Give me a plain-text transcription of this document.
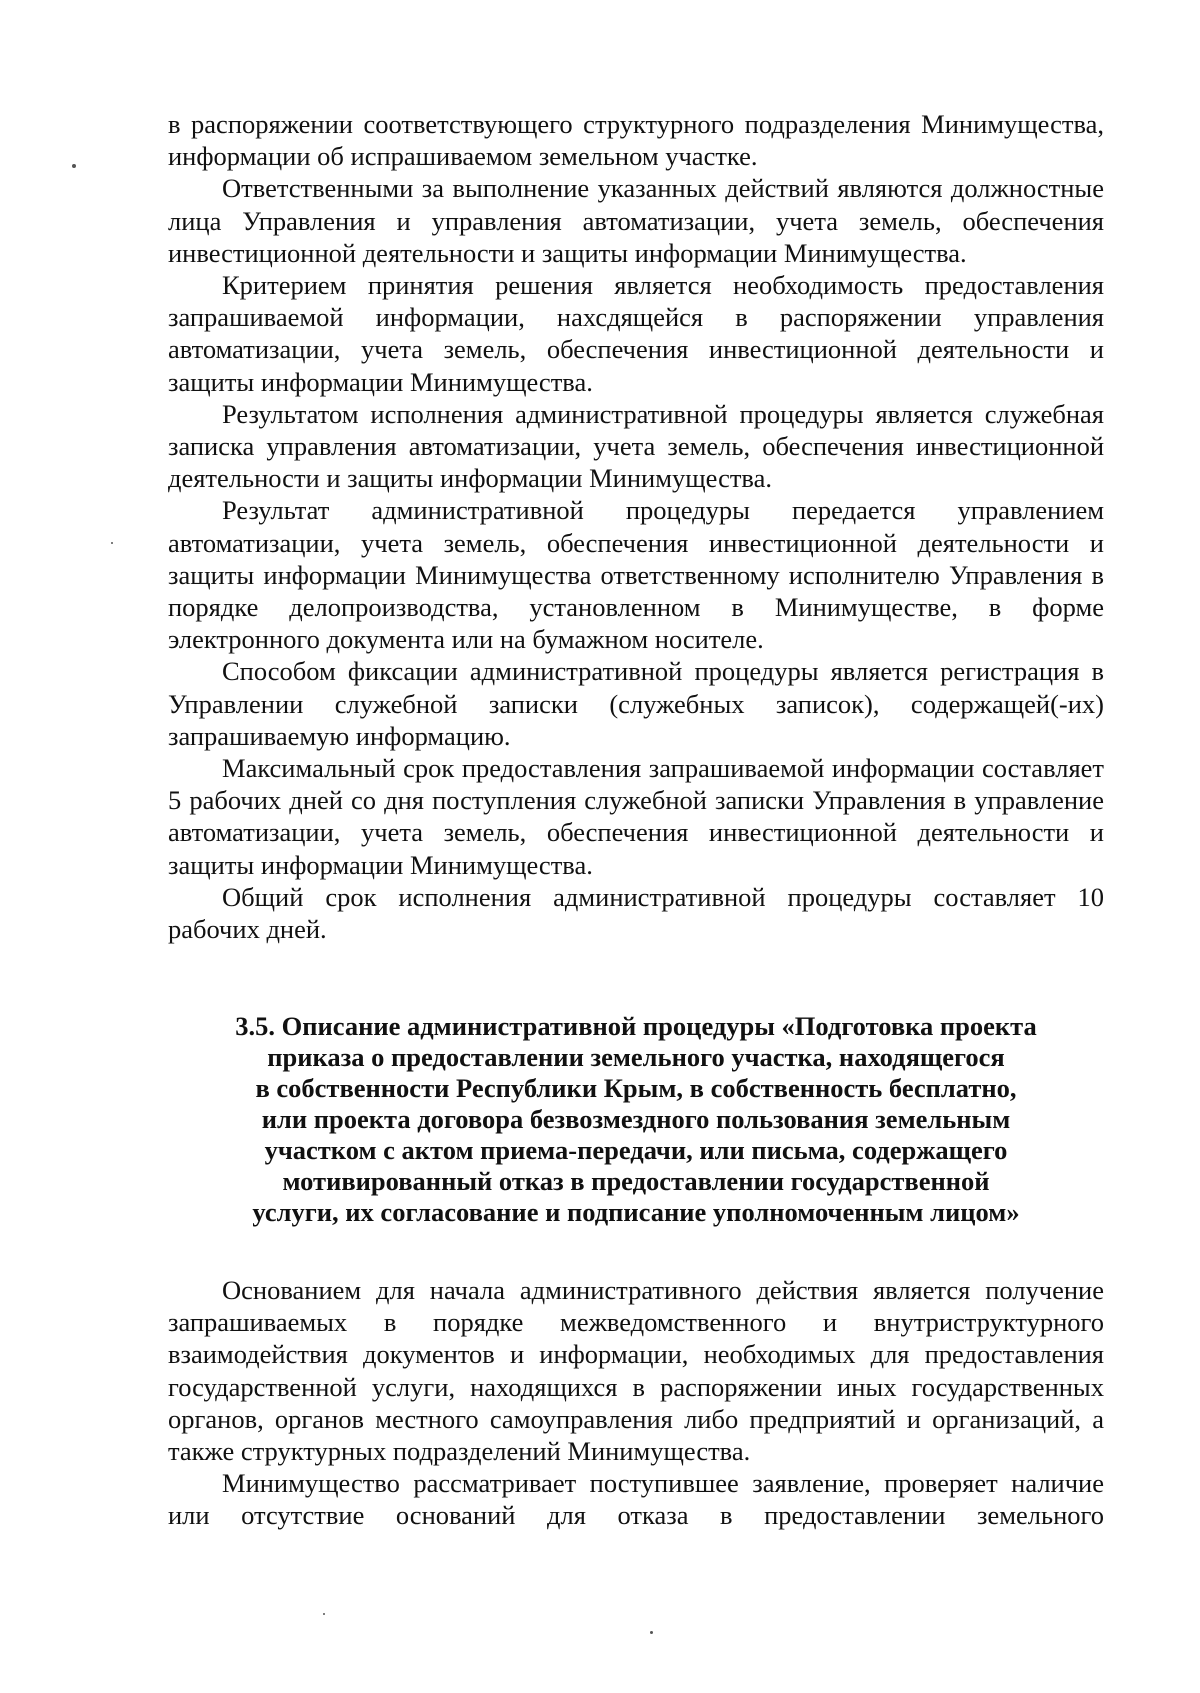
в распоряжении соответствующего структурного подразделения Минимущества, информации об испрашиваемом земельном участке.

Ответственными за выполнение указанных действий являются должностные лица Управления и управления автоматизации, учета земель, обеспечения инвестиционной деятельности и защиты информации Минимущества.

Критерием принятия решения является необходимость предоставления запрашиваемой информации, нахсдящейся в распоряжении управления автоматизации, учета земель, обеспечения инвестиционной деятельности и защиты информации Минимущества.

Результатом исполнения административной процедуры является служебная записка управления автоматизации, учета земель, обеспечения инвестиционной деятельности и защиты информации Минимущества.

Результат административной процедуры передается управлением автоматизации, учета земель, обеспечения инвестиционной деятельности и защиты информации Минимущества ответственному исполнителю Управления в порядке делопроизводства, установленном в Минимуществе, в форме электронного документа или на бумажном носителе.

Способом фиксации административной процедуры является регистрация в Управлении служебной записки (служебных записок), содержащей(-их) запрашиваемую информацию.

Максимальный срок предоставления запрашиваемой информации составляет 5 рабочих дней со дня поступления служебной записки Управления в управление автоматизации, учета земель, обеспечения инвестиционной деятельности и защиты информации Минимущества.

Общий срок исполнения административной процедуры составляет 10 рабочих дней.

3.5. Описание административной процедуры «Подготовка проекта
приказа о предоставлении земельного участка, находящегося
в собственности Республики Крым, в собственность бесплатно,
или проекта договора безвозмездного пользования земельным
участком с актом приема-передачи, или письма, содержащего
мотивированный отказ в предоставлении государственной
услуги, их согласование и подписание уполномоченным лицом»

Основанием для начала административного действия является получение запрашиваемых в порядке межведомственного и внутриструктурного взаимодействия документов и информации, необходимых для предоставления государственной услуги, находящихся в распоряжении иных государственных органов, органов местного самоуправления либо предприятий и организаций, а также структурных подразделений Минимущества.

Минимущество рассматривает поступившее заявление, проверяет наличие или отсутствие оснований для отказа в предоставлении земельного
